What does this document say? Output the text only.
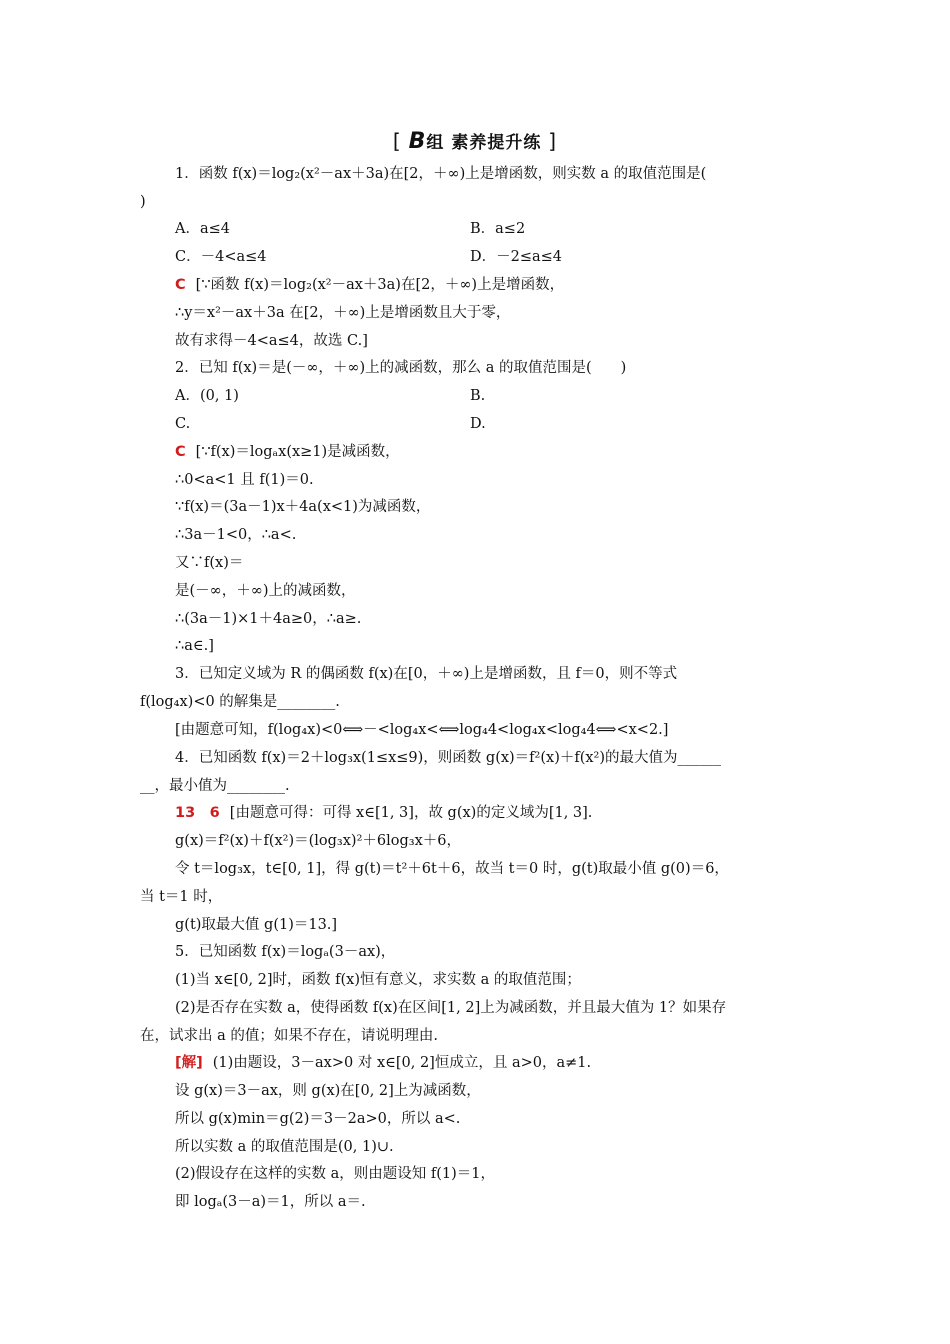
[ B组 素养提升练 ]
1．函数 f(x)＝log₂(x²－ax＋3a)在[2，＋∞)上是增函数，则实数 a 的取值范围是(
)
A．a≤4	B．a≤2
C．－4<a≤4	D．－2≤a≤4
C [∵函数 f(x)＝log₂(x²－ax＋3a)在[2，＋∞)上是增函数，
∴y＝x²－ax＋3a 在[2，＋∞)上是增函数且大于零，
故有求得－4<a≤4，故选 C.]
2．已知 f(x)＝是(－∞，＋∞)上的减函数，那么 a 的取值范围是(　　)
A．(0, 1)	B.
C.	D.
C [∵f(x)＝logₐx(x≥1)是减函数，
∴0<a<1 且 f(1)＝0.
∵f(x)＝(3a－1)x＋4a(x<1)为减函数，
∴3a－1<0，∴a<.
又∵f(x)＝
是(－∞，＋∞)上的减函数，
∴(3a－1)×1＋4a≥0，∴a≥.
∴a∈.]
3．已知定义域为 R 的偶函数 f(x)在[0，＋∞)上是增函数，且 f＝0，则不等式
f(log₄x)<0 的解集是________.
[由题意可知，f(log₄x)<0⟺－<log₄x<⟺log₄4<log₄x<log₄4⟺<x<2.]
4．已知函数 f(x)＝2＋log₃x(1≤x≤9)，则函数 g(x)＝f²(x)＋f(x²)的最大值为______
__，最小值为________.
13　6 [由题意可得：可得 x∈[1, 3]，故 g(x)的定义域为[1, 3].
g(x)＝f²(x)＋f(x²)＝(log₃x)²＋6log₃x＋6，
令 t＝log₃x，t∈[0, 1]，得 g(t)＝t²＋6t＋6，故当 t＝0 时，g(t)取最小值 g(0)＝6，
当 t＝1 时，
g(t)取最大值 g(1)＝13.]
5．已知函数 f(x)＝logₐ(3－ax)，
(1)当 x∈[0, 2]时，函数 f(x)恒有意义，求实数 a 的取值范围；
(2)是否存在实数 a，使得函数 f(x)在区间[1, 2]上为减函数，并且最大值为 1？如果存
在，试求出 a 的值；如果不存在，请说明理由.
[解] (1)由题设，3－ax>0 对 x∈[0, 2]恒成立，且 a>0，a≠1.
设 g(x)＝3－ax，则 g(x)在[0, 2]上为减函数，
所以 g(x)min＝g(2)＝3－2a>0，所以 a<.
所以实数 a 的取值范围是(0, 1)∪.
(2)假设存在这样的实数 a，则由题设知 f(1)＝1，
即 logₐ(3－a)＝1，所以 a＝.
